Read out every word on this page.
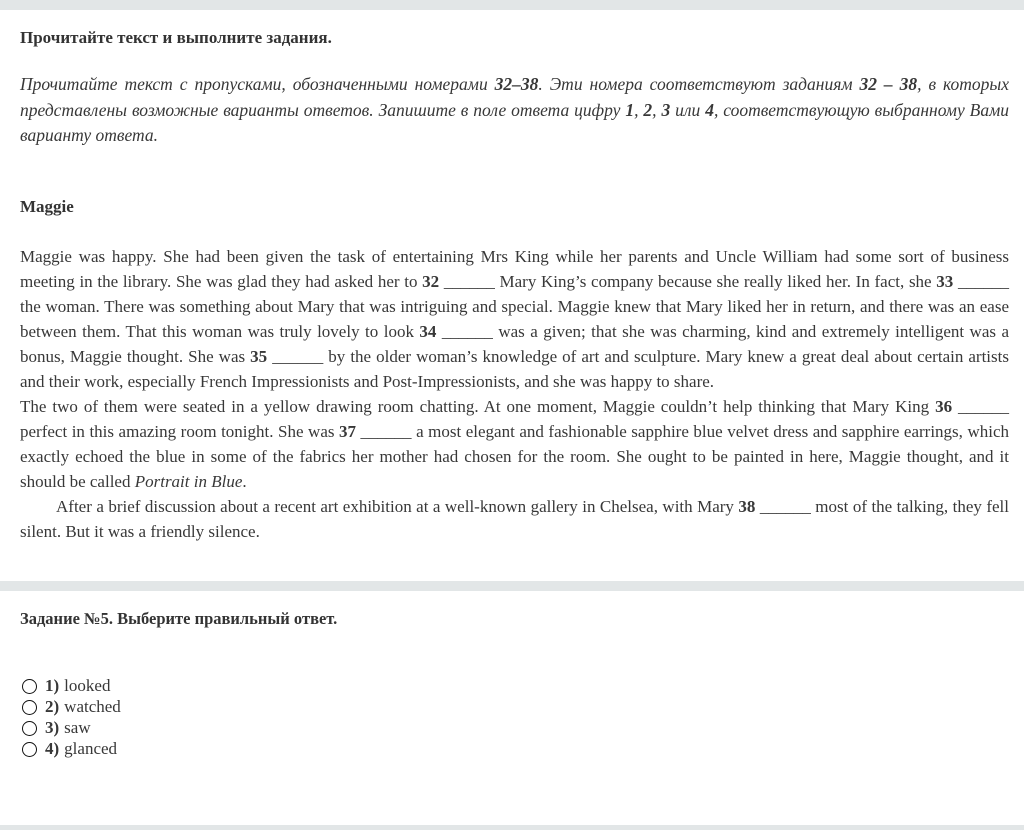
Прочитайте текст и выполните задания.
Прочитайте текст с пропусками, обозначенными номерами 32–38. Эти номера соответствуют заданиям 32 – 38, в которых представлены возможные варианты ответов. Запишите в поле ответа цифру 1, 2, 3 или 4, соответствующую выбранному Вами варианту ответа.
Maggie

Maggie was happy. She had been given the task of entertaining Mrs King while her parents and Uncle William had some sort of business meeting in the library. She was glad they had asked her to 32 ______ Mary King’s company because she really liked her. In fact, she 33 ______ the woman. There was something about Mary that was intriguing and special. Maggie knew that Mary liked her in return, and there was an ease between them. That this woman was truly lovely to look 34 ______ was a given; that she was charming, kind and extremely intelligent was a bonus, Maggie thought. She was 35 ______ by the older woman’s knowledge of art and sculpture. Mary knew a great deal about certain artists and their work, especially French Impressionists and Post-Impressionists, and she was happy to share.

The two of them were seated in a yellow drawing room chatting. At one moment, Maggie couldn’t help thinking that Mary King 36 ______ perfect in this amazing room tonight. She was 37 ______ a most elegant and fashionable sapphire blue velvet dress and sapphire earrings, which exactly echoed the blue in some of the fabrics her mother had chosen for the room. She ought to be painted in here, Maggie thought, and it should be called Portrait in Blue.

After a brief discussion about a recent art exhibition at a well-known gallery in Chelsea, with Mary 38 ______ most of the talking, they fell silent. But it was a friendly silence.

Задание №5. Выберите правильный ответ.
1) looked
2) watched
3) saw
4) glanced
